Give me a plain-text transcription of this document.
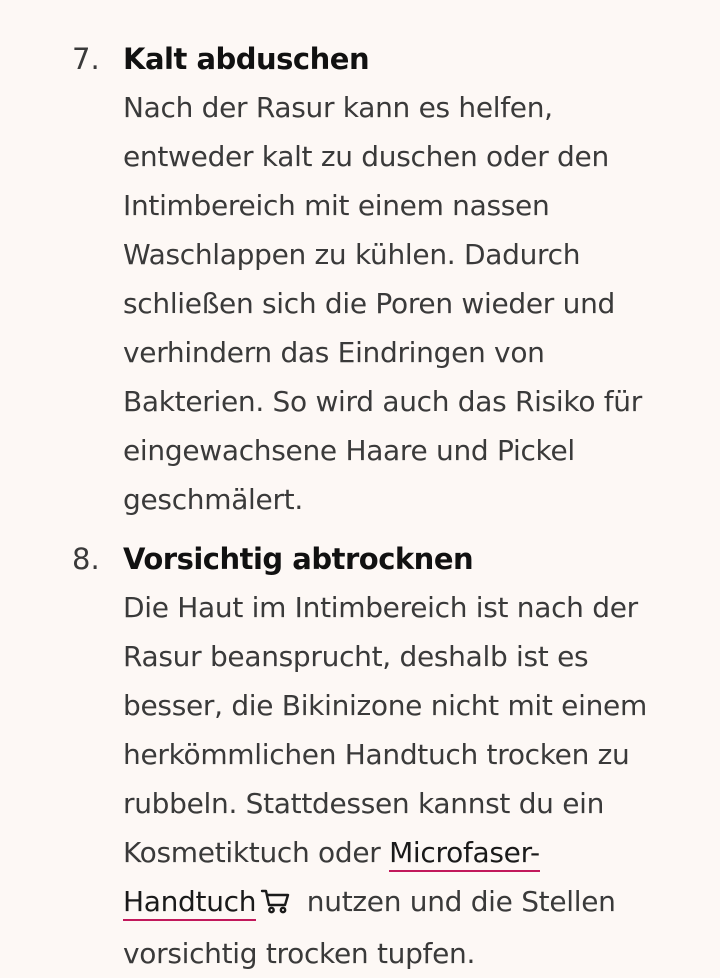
7. Kalt abduschen
Nach der Rasur kann es helfen, entweder kalt zu duschen oder den Intimbereich mit einem nassen Waschlappen zu kühlen. Dadurch schließen sich die Poren wieder und verhindern das Eindringen von Bakterien. So wird auch das Risiko für eingewachsene Haare und Pickel geschmälert.
8. Vorsichtig abtrocknen
Die Haut im Intimbereich ist nach der Rasur beansprucht, deshalb ist es besser, die Bikinizone nicht mit einem herkömmlichen Handtuch trocken zu rubbeln. Stattdessen kannst du ein Kosmetiktuch oder Microfaser-Handtuch nutzen und die Stellen vorsichtig trocken tupfen.
